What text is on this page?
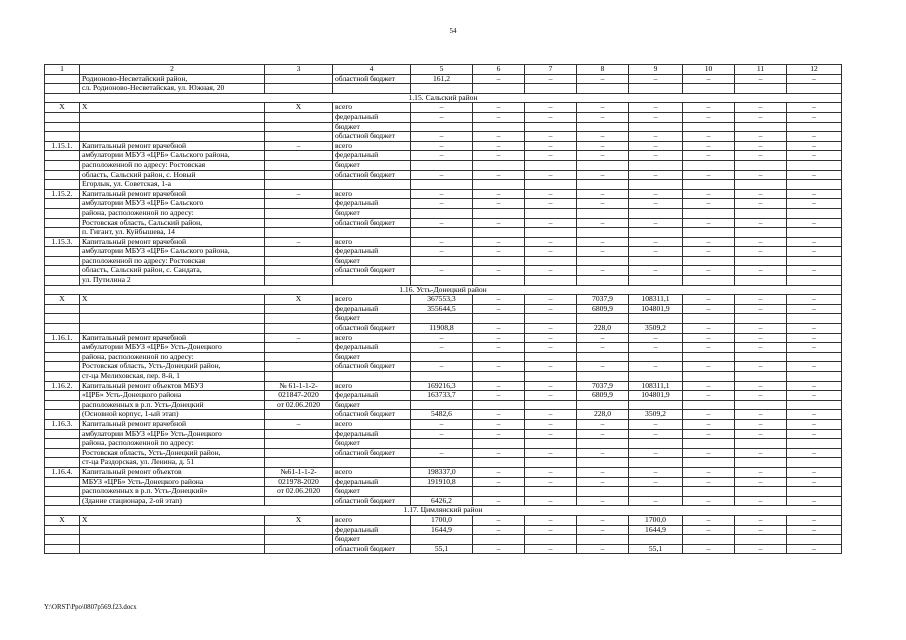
54
1	2	3	4	5	6	7	8	9	10	11	12
	Родионово-Несветайский район,		областной бюджет	161,2	–	–	–	–	–	–	–
	сл. Родионово-Несветайская, ул. Южная, 20										
1.15. Сальский район											
Х	Х	Х	всего	–	–	–	–	–	–	–	–
			федеральный	–	–	–	–	–	–	–	–
			бюджет								
			областной бюджет	–	–	–	–	–	–	–	–
1.15.1.	Капитальный ремонт врачебной	–	всего	–	–	–	–	–	–	–	–
	амбулатории МБУЗ «ЦРБ» Сальского района,		федеральный	–	–	–	–	–	–	–	–
	расположенной по адресу: Ростовская		бюджет								
	область, Сальский район, с. Новый		областной бюджет	–	–	–	–	–	–	–	–
	Егорлык, ул. Советская, 1-а										
1.15.2.	Капитальный ремонт врачебной	–	всего	–	–	–	–	–	–	–	–
	амбулатории МБУЗ «ЦРБ» Сальского		федеральный	–	–	–	–	–	–	–	–
	района, расположенной по адресу:		бюджет								
	Ростовская область, Сальский район,		областной бюджет	–	–	–	–	–	–	–	–
	п. Гигант, ул. Куйбышева, 14										
1.15.3.	Капитальный ремонт врачебной	–	всего	–	–	–	–	–	–	–	–
	амбулатории МБУЗ «ЦРБ» Сальского района,		федеральный	–	–	–	–	–	–	–	–
	расположенной по адресу: Ростовская		бюджет								
	область, Сальский район, с. Сандата,		областной бюджет	–	–	–	–	–	–	–	–
	ул. Путилина 2										
1.16. Усть-Донецкий район											
Х	Х	Х	всего	367553,3	–	–	7037,9	108311,1	–	–	–
			федеральный	355644,5	–	–	6809,9	104801,9	–	–	–
			бюджет								
			областной бюджет	11908,8	–	–	228,0	3509,2	–	–	–
1.16.1.	Капитальный ремонт врачебной	–	всего	–	–	–	–	–	–	–	–
	амбулатории МБУЗ «ЦРБ» Усть-Донецкого		федеральный	–	–	–	–	–	–	–	–
	района, расположенной по адресу:		бюджет								
	Ростовская область, Усть-Донецкий район,		областной бюджет	–	–	–	–	–	–	–	–
	ст-ца Мелиховская, пер. 8-й, 1										
1.16.2.	Капитальный ремонт объектов МБУЗ	№ 61-1-1-2-	всего	169216,3	–	–	7037,9	108311,1	–	–	–
	«ЦРБ» Усть-Донецкого района	021847-2020	федеральный	163733,7	–	–	6809,9	104801,9	–	–	–
	расположенных в р.п. Усть-Донецкий	от 02.06.2020	бюджет								
	(Основной корпус, 1-ый этап)		областной бюджет	5482,6	–	–	228,0	3509,2	–	–	–
1.16.3.	Капитальный ремонт врачебной	–	всего	–	–	–	–	–	–	–	–
	амбулатории МБУЗ «ЦРБ» Усть-Донецкого		федеральный	–	–	–	–	–	–	–	–
	района, расположенной по адресу:		бюджет								
	Ростовская область, Усть-Донецкий район,		областной бюджет	–	–	–	–	–	–	–	–
	ст-ца Раздорская, ул. Ленина, д. 51										
1.16.4.	Капитальный ремонт объектов	№61-1-1-2-	всего	198337,0	–	–	–	–	–	–	–
	МБУЗ «ЦРБ» Усть-Донецкого района	021978-2020	федеральный	191910,8	–	–	–	–	–	–	–
	расположенных в р.п. Усть-Донецкий»	от 02.06.2020	бюджет								
	(Здание стационара, 2-ой этап)		областной бюджет	6426,2	–	–	–	–	–	–	–
1.17. Цимлянский район											
Х	Х	Х	всего	1700,0	–	–	–	1700,0	–	–	–
			федеральный	1644,9	–	–	–	1644,9	–	–	–
			бюджет								
			областной бюджет	55,1	–	–	–	55,1	–	–	–
Y:\ORST\Ppo\0807p569.f23.docx
